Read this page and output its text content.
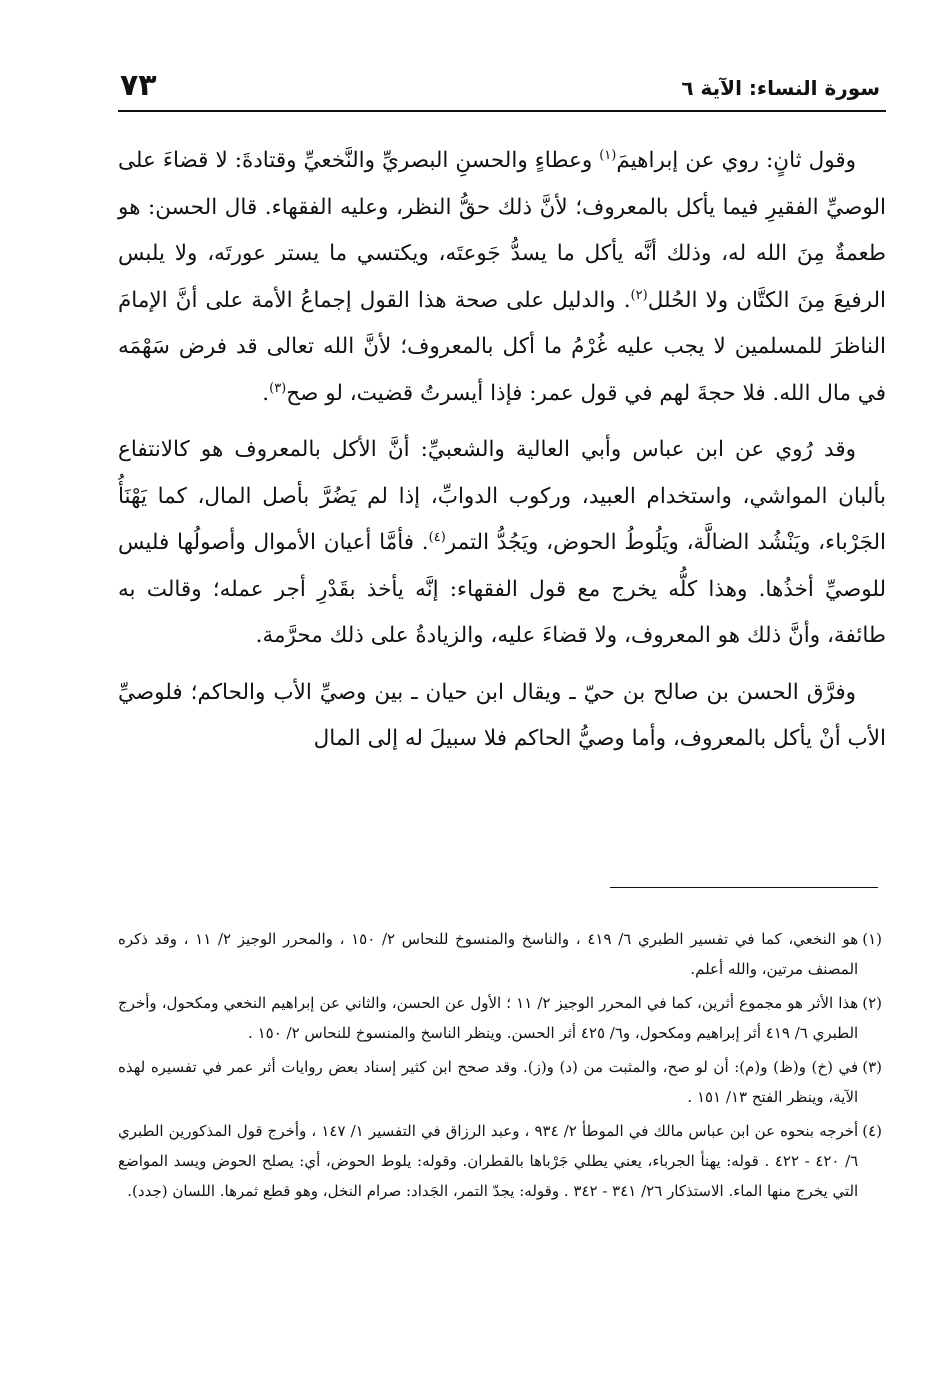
سورة النساء: الآية ٦
٧٣

وقول ثانٍ: روي عن إبراهيمَ$^{(١)}$ وعطاءٍ والحسنِ البصريِّ والنَّخعيِّ وقتادةَ: لا قضاءَ على الوصيِّ الفقيرِ فيما يأكل بالمعروف؛ لأنَّ ذلك حقُّ النظر، وعليه الفقهاء. قال الحسن: هو طعمةٌ مِنَ الله له، وذلك أنَّه يأكل ما يسدُّ جَوعتَه، ويكتسي ما يستر عورتَه، ولا يلبس الرفيعَ مِنَ الكتَّان ولا الحُلل$^{(٢)}$. والدليل على صحة هذا القول إجماعُ الأمة على أنَّ الإمامَ الناظرَ للمسلمين لا يجب عليه غُرْمُ ما أكل بالمعروف؛ لأنَّ الله تعالى قد فرض سَهْمَه في مال الله. فلا حجةَ لهم في قول عمر: فإذا أيسرتُ قضيت، لو صح$^{(٣)}$.

وقد رُوي عن ابن عباس وأبي العالية والشعبيِّ: أنَّ الأكل بالمعروف هو كالانتفاع بألبان المواشي، واستخدام العبيد، وركوب الدوابِّ، إذا لم يَضُرَّ بأصل المال، كما يَهْنَأُ الجَرْباء، ويَنْشُد الضالَّة، ويَلُوطُ الحوض، ويَجُدُّ التمر$^{(٤)}$. فأمَّا أعيان الأموال وأصولُها فليس للوصيِّ أخذُها. وهذا كلُّه يخرج مع قول الفقهاء: إنَّه يأخذ بقَدْرِ أجر عمله؛ وقالت به طائفة، وأنَّ ذلك هو المعروف، ولا قضاءَ عليه، والزيادةُ على ذلك محرَّمة.

وفرَّق الحسن بن صالح بن حيّ ـ ويقال ابن حيان ـ بين وصيِّ الأب والحاكم؛ فلوصيِّ الأب أنْ يأكل بالمعروف، وأما وصيُّ الحاكم فلا سبيلَ له إلى المال

(١)
هو النخعي، كما في تفسير الطبري ٦/ ٤١٩ ، والناسخ والمنسوخ للنحاس ٢/ ١٥٠ ، والمحرر الوجيز ٢/ ١١ ، وقد ذكره المصنف مرتين، والله أعلم.
(٢)
هذا الأثر هو مجموع أثرين، كما في المحرر الوجيز ٢/ ١١ ؛ الأول عن الحسن، والثاني عن إبراهيم النخعي ومكحول، وأخرج الطبري ٦/ ٤١٩ أثر إبراهيم ومكحول، و٦/ ٤٢٥ أثر الحسن. وينظر الناسخ والمنسوخ للنحاس ٢/ ١٥٠ .
(٣)
في (خ) و(ظ) و(م): أن لو صح، والمثبت من (د) و(ز). وقد صحح ابن كثير إسناد بعض روايات أثر عمر في تفسيره لهذه الآية، وينظر الفتح ١٣/ ١٥١ .
(٤)
أخرجه بنحوه عن ابن عباس مالك في الموطأ ٢/ ٩٣٤ ، وعبد الرزاق في التفسير ١/ ١٤٧ ، وأخرج قول المذكورين الطبري ٦/ ٤٢٠ - ٤٢٢ . قوله: يهنأ الجرباء، يعني يطلي جَرْباها بالقطران. وقوله: يلوط الحوض، أي: يصلح الحوض ويسد المواضع التي يخرج منها الماء. الاستذكار ٢٦/ ٣٤١ - ٣٤٢ . وقوله: يجدّ التمر، الجَداد: صرام النخل، وهو قطع ثمرها. اللسان (جدد).
